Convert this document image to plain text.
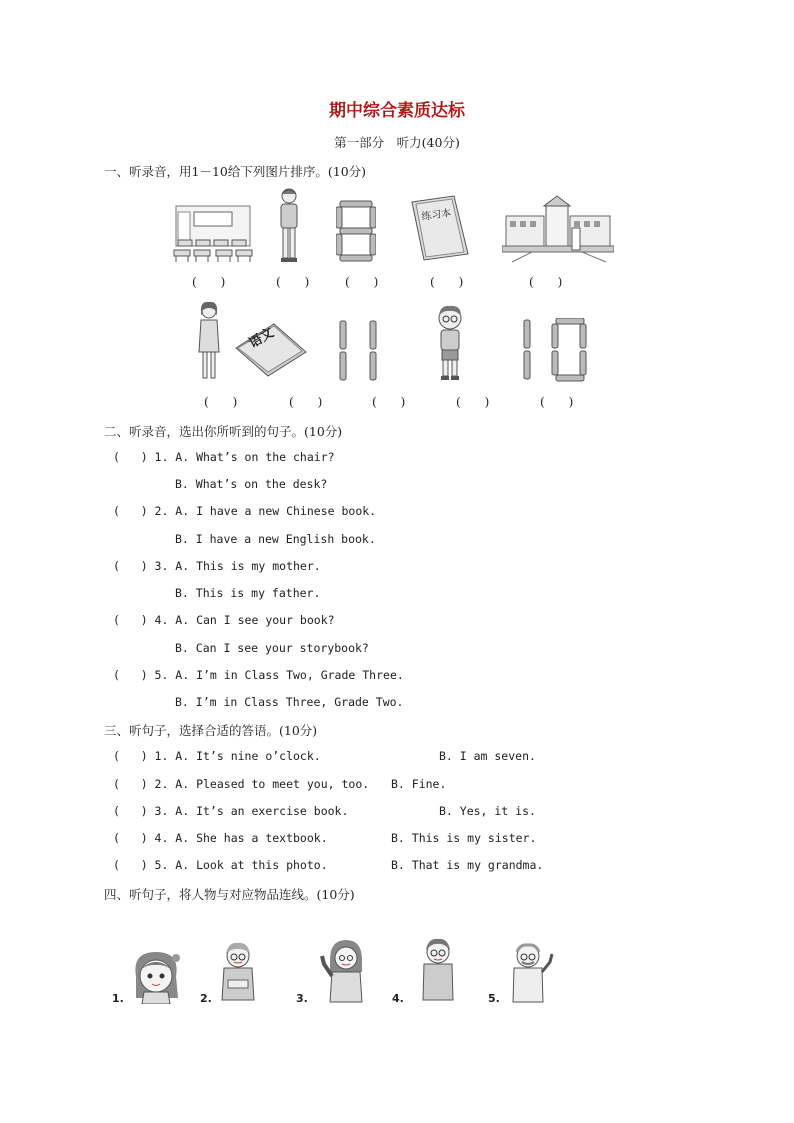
期中综合素质达标
第一部分　听力(40分)
一、听录音，用1－10给下列图片排序。(10分)
练习本
(　　)	(　　)	(　　)	(　　)	(　　)
语文
(　　)	(　　)	(　　)	(　　)	(　　)
二、听录音，选出你所听到的句子。(10分)
(   ) 1. A. What’s on the chair?
B. What’s on the desk?
(   ) 2. A. I have a new Chinese book.
B. I have a new English book.
(   ) 3. A. This is my mother.
B. This is my father.
(   ) 4. A. Can I see your book?
B. Can I see your storybook?
(   ) 5. A. I’m in Class Two, Grade Three.
B. I’m in Class Three, Grade Two.
三、听句子，选择合适的答语。(10分)
(   ) 1. A. It’s nine o’clock.	B. I am seven.
(   ) 2. A. Pleased to meet you, too. B. Fine.
(   ) 3. A. It’s an exercise book.	B. Yes, it is.
(   ) 4. A. She has a textbook.	B. This is my sister.
(   ) 5. A. Look at this photo.	B. That is my grandma.
四、听句子，将人物与对应物品连线。(10分)
1.	2.	3.	4.	5.
